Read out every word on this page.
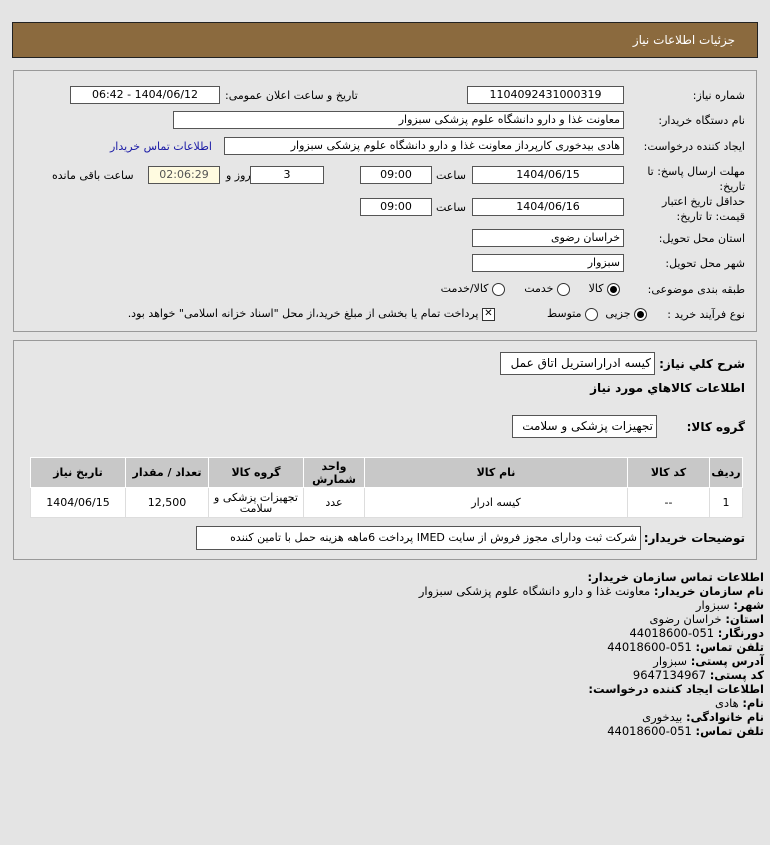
جزئیات اطلاعات نیاز
شماره نیاز:
1104092431000319
تاریخ و ساعت اعلان عمومی:
1404/06/12 - 06:42
نام دستگاه خریدار:
معاونت غذا و دارو دانشگاه علوم پزشکی سبزوار
ایجاد کننده درخواست:
هادی بیدخوری کارپرداز معاونت غذا و دارو دانشگاه علوم پزشکی سبزوار
اطلاعات تماس خریدار
مهلت ارسال پاسخ: تا تاریخ:
1404/06/15
ساعت
09:00
3
روز و
02:06:29
ساعت باقی مانده
حداقل تاریخ اعتبار قیمت: تا تاریخ:
1404/06/16
ساعت
09:00
استان محل تحویل:
خراسان رضوی
شهر محل تحویل:
سبزوار
طبقه بندی موضوعی:
کالا
خدمت
کالا/خدمت
نوع فرآیند خرید :
جزیی
متوسط
✕ پرداخت تمام یا بخشی از مبلغ خرید،از محل "اسناد خزانه اسلامی" خواهد بود.
شرح کلي نیاز:
کیسه ادراراستریل اتاق عمل
اطلاعات کالاهاي مورد نیاز
گروه کالا:
تجهیزات پزشکی و سلامت
ردیف	کد کالا	نام کالا	واحد شمارش	گروه کالا	تعداد / مقدار	تاریخ نیاز
1	--	کیسه ادرار	عدد	تجهیزات پزشکی و سلامت	12,500	1404/06/15
توضیحات خریدار:
شرکت ثبت ودارای مجوز فروش از سایت IMED پرداخت 6ماهه هزینه حمل با تامین کننده
اطلاعات تماس سازمان خریدار:
نام سازمان خریدار: معاونت غذا و دارو دانشگاه علوم پزشکی سبزوار
شهر: سبزوار
استان: خراسان رضوی
دورنگار: 051-44018600
تلفن تماس: 051-44018600
آدرس پستی: سبزوار
کد پستی: 9647134967
اطلاعات ایجاد کننده درخواست:
نام: هادی
نام خانوادگی: بیدخوری
تلفن تماس: 051-44018600
